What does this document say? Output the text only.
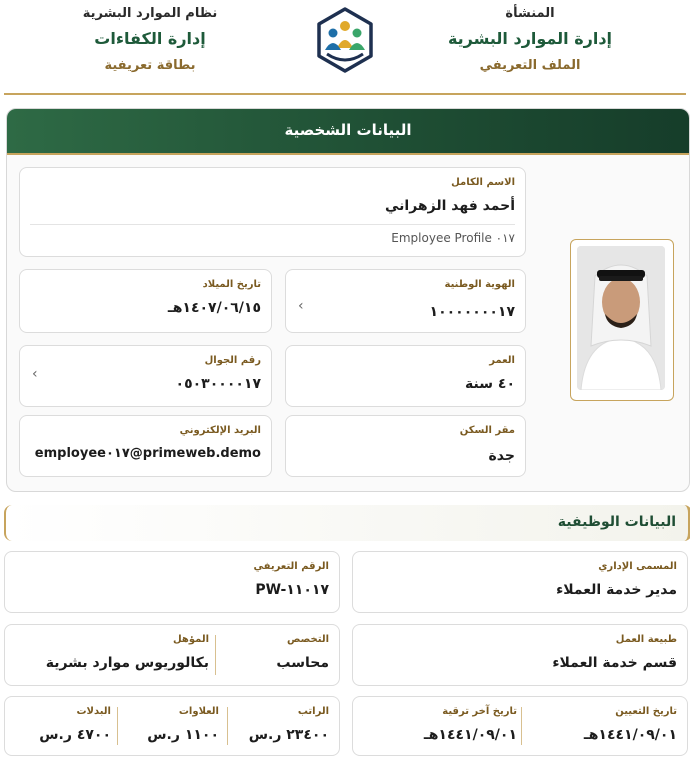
المنشأة
إدارة الموارد البشرية
الملف التعريفي
نظام الموارد البشرية
إدارة الكفاءات
بطاقة تعريفية
البيانات الشخصية
الاسم الكامل
أحمد فهد الزهراني
Employee Profile ٠١٧
الهوية الوطنية
١٠٠٠٠٠٠٠١٧
›
تاريخ الميلاد
١٤٠٧/٠٦/١٥هـ
العمر
٤٠ سنة
رقم الجوال
٠٥٠٣٠٠٠٠١٧
›
مقر السكن
جدة
البريد الإلكتروني
employee٠١٧@primeweb.demo
البيانات الوظيفية
المسمى الإداري
مدير خدمة العملاء
الرقم التعريفي
PW-١١٠١٧
طبيعة العمل
قسم خدمة العملاء
التخصص
محاسب
المؤهل
بكالوريوس موارد بشرية
تاريخ التعيين
١٤٤١/٠٩/٠١هـ
تاريخ آخر ترقية
١٤٤١/٠٩/٠١هـ
الراتب
٢٣٤٠٠ ر.س
العلاوات
١١٠٠ ر.س
البدلات
٤٧٠٠ ر.س
